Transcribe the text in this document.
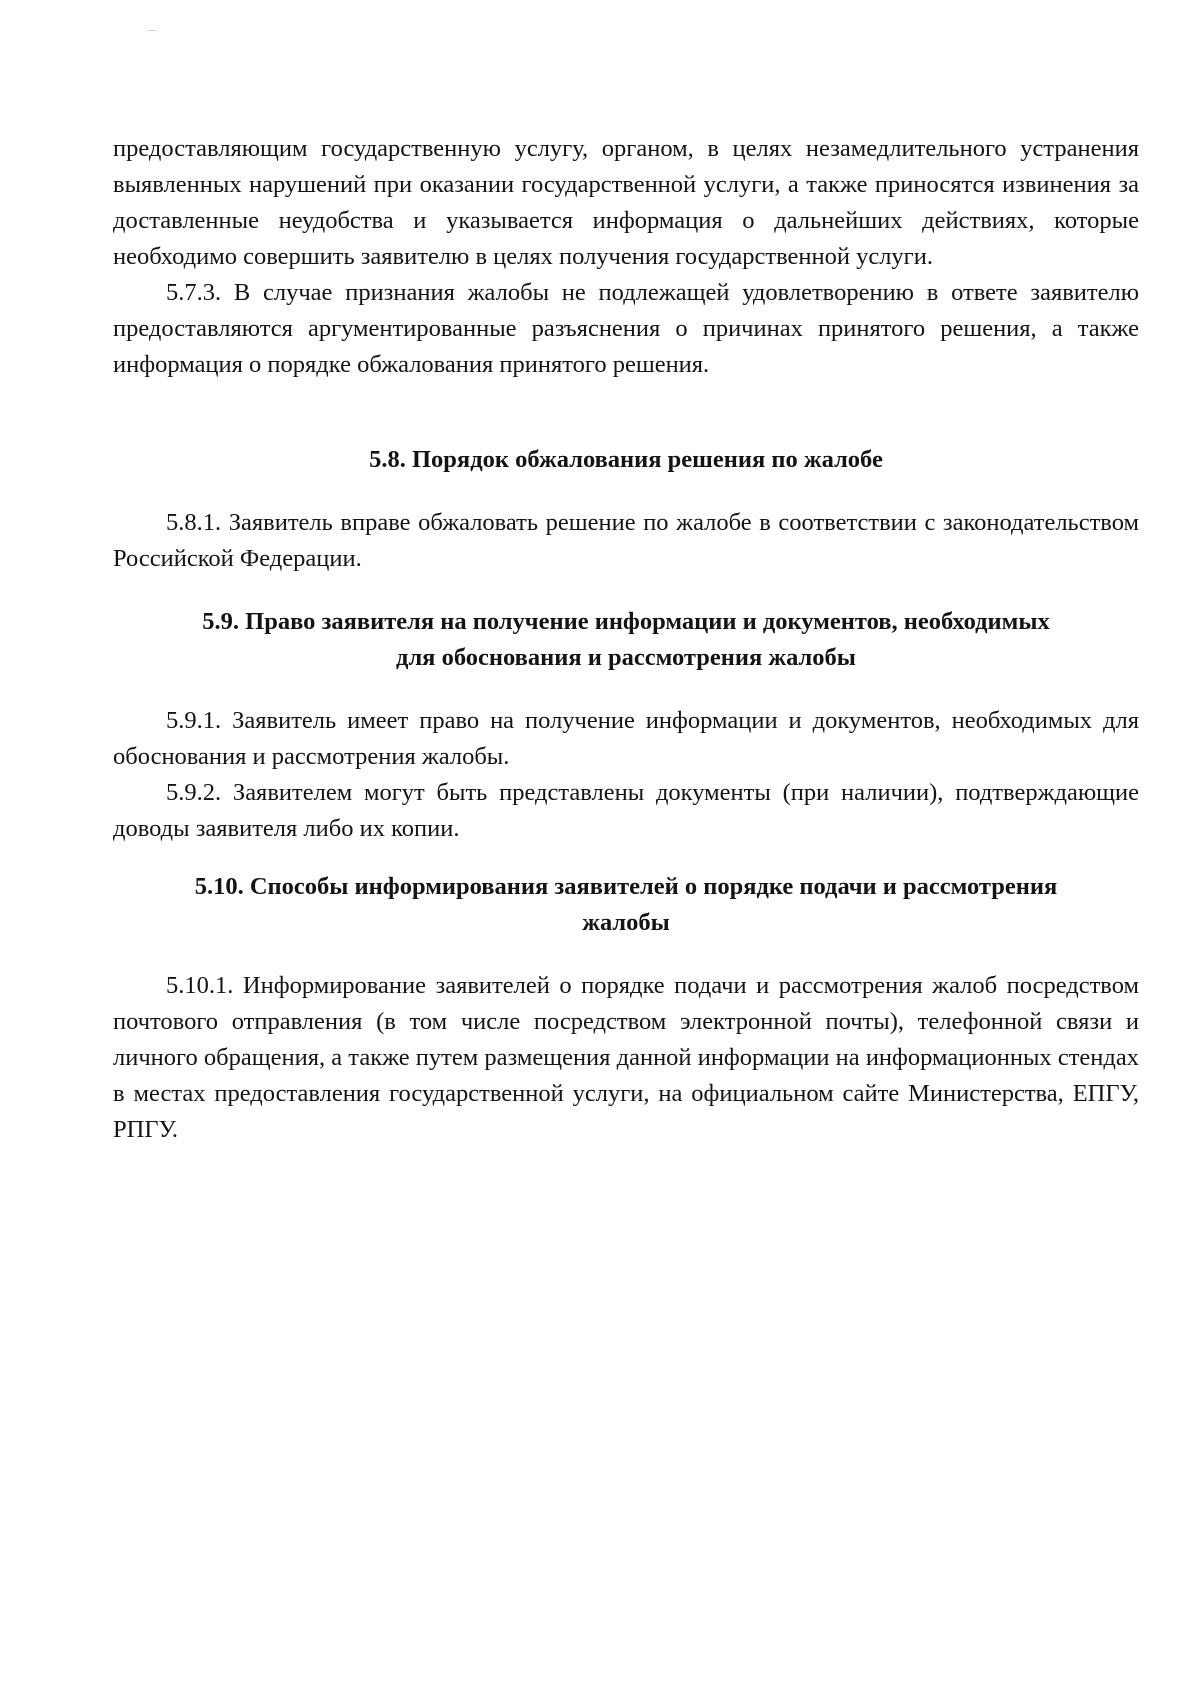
предоставляющим государственную услугу, органом, в целях незамедлительного устранения выявленных нарушений при оказании государственной услуги, а также приносятся извинения за доставленные неудобства и указывается информация о дальнейших действиях, которые необходимо совершить заявителю в целях получения государственной услуги.

5.7.3. В случае признания жалобы не подлежащей удовлетворению в ответе заявителю предоставляются аргументированные разъяснения о причинах принятого решения, а также информация о порядке обжалования принятого решения.

5.8. Порядок обжалования решения по жалобе

5.8.1. Заявитель вправе обжаловать решение по жалобе в соответствии с законодательством Российской Федерации.

5.9. Право заявителя на получение информации и документов, необходимых

для обоснования и рассмотрения жалобы

5.9.1. Заявитель имеет право на получение информации и документов, необходимых для обоснования и рассмотрения жалобы.

5.9.2. Заявителем могут быть представлены документы (при наличии), подтверждающие доводы заявителя либо их копии.

5.10. Способы информирования заявителей о порядке подачи и рассмотрения

жалобы

5.10.1. Информирование заявителей о порядке подачи и рассмотрения жалоб посредством почтового отправления (в том числе посредством электронной почты), телефонной связи и личного обращения, а также путем размещения данной информации на информационных стендах в местах предоставления государственной услуги, на официальном сайте Министерства, ЕПГУ, РПГУ.
